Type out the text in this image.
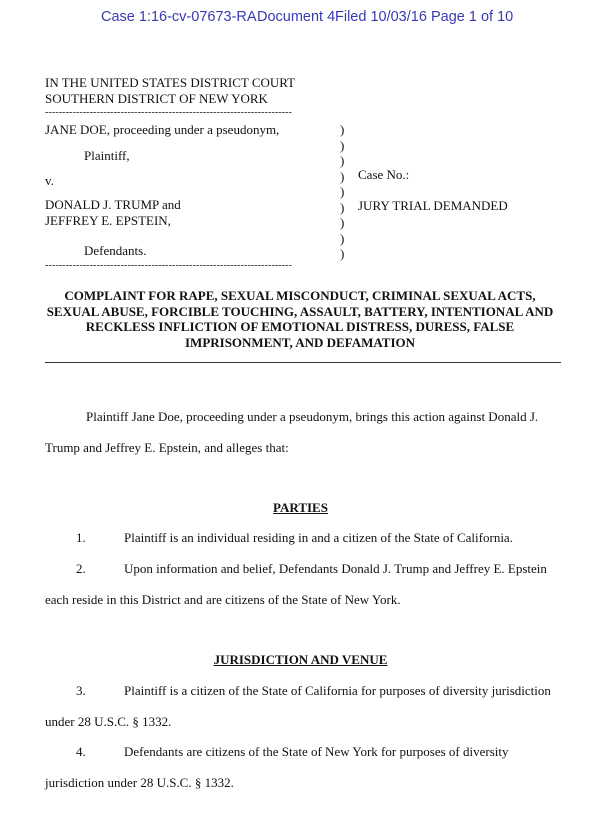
Case 1:16-cv-07673-RA Document 4 Filed 10/03/16 Page 1 of 10
IN THE UNITED STATES DISTRICT COURT
SOUTHERN DISTRICT OF NEW YORK
------------------------------------------------------------------------
JANE DOE, proceeding under a pseudonym,
Plaintiff,
v.
DONALD J. TRUMP and
JEFFREY E. EPSTEIN,
Defendants.
------------------------------------------------------------------------
)
)
)
)
)
)
)
)
)
Case No.:
JURY TRIAL DEMANDED
COMPLAINT FOR RAPE, SEXUAL MISCONDUCT, CRIMINAL SEXUAL ACTS, SEXUAL ABUSE, FORCIBLE TOUCHING, ASSAULT, BATTERY, INTENTIONAL AND RECKLESS INFLICTION OF EMOTIONAL DISTRESS, DURESS, FALSE IMPRISONMENT, AND DEFAMATION
Plaintiff Jane Doe, proceeding under a pseudonym, brings this action against Donald J.
Trump and Jeffrey E. Epstein, and alleges that:
PARTIES
1.	Plaintiff is an individual residing in and a citizen of the State of California.
2.	Upon information and belief, Defendants Donald J. Trump and Jeffrey E. Epstein
each reside in this District and are citizens of the State of New York.
JURISDICTION AND VENUE
3.	Plaintiff is a citizen of the State of California for purposes of diversity jurisdiction
under 28 U.S.C. § 1332.
4.	Defendants are citizens of the State of New York for purposes of diversity
jurisdiction under 28 U.S.C. § 1332.
